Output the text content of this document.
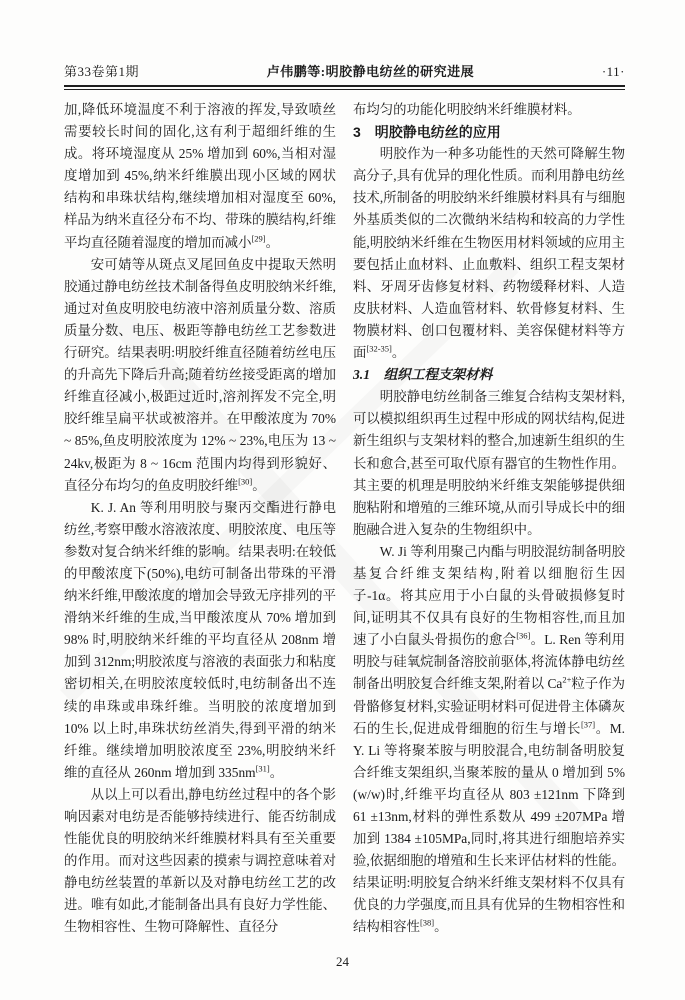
第33卷第1期	卢伟鹏等:明胶静电纺丝的研究进展	·11·

加,降低环境温度不利于溶液的挥发,导致喷丝需要较长时间的固化,这有利于超细纤维的生成。将环境湿度从 25% 增加到 60%,当相对湿度增加到 45%,纳米纤维膜出现小区域的网状结构和串珠状结构,继续增加相对湿度至 60%,样品为纳米直径分布不均、带珠的膜结构,纤维平均直径随着湿度的增加而减小[29]。

安可婧等从斑点叉尾回鱼皮中提取天然明胶通过静电纺丝技术制备得鱼皮明胶纳米纤维,通过对鱼皮明胶电纺液中溶剂质量分数、溶质质量分数、电压、极距等静电纺丝工艺参数进行研究。结果表明:明胶纤维直径随着纺丝电压的升高先下降后升高;随着纺丝接受距离的增加纤维直径减小,极距过近时,溶剂挥发不完全,明胶纤维呈扁平状或被溶并。在甲酸浓度为 70% ~ 85%,鱼皮明胶浓度为 12% ~ 23%,电压为 13 ~ 24kv,极距为 8 ~ 16cm 范围内均得到形貌好、直径分布均匀的鱼皮明胶纤维[30]。

K. J. An 等利用明胶与聚丙交酯进行静电纺丝,考察甲酸水溶液浓度、明胶浓度、电压等参数对复合纳米纤维的影响。结果表明:在较低的甲酸浓度下(50%),电纺可制备出带珠的平滑纳米纤维,甲酸浓度的增加会导致无序排列的平滑纳米纤维的生成,当甲酸浓度从 70% 增加到 98% 时,明胶纳米纤维的平均直径从 208nm 增加到 312nm;明胶浓度与溶液的表面张力和粘度密切相关,在明胶浓度较低时,电纺制备出不连续的串珠或串珠纤维。当明胶的浓度增加到 10% 以上时,串珠状纺丝消失,得到平滑的纳米纤维。继续增加明胶浓度至 23%,明胶纳米纤维的直径从 260nm 增加到 335nm[31]。

从以上可以看出,静电纺丝过程中的各个影响因素对电纺是否能够持续进行、能否纺制成性能优良的明胶纳米纤维膜材料具有至关重要的作用。而对这些因素的摸索与调控意味着对静电纺丝装置的革新以及对静电纺丝工艺的改进。唯有如此,才能制备出具有良好力学性能、生物相容性、生物可降解性、直径分

布均匀的功能化明胶纳米纤维膜材料。

3　明胶静电纺丝的应用

明胶作为一种多功能性的天然可降解生物高分子,具有优异的理化性质。而利用静电纺丝技术,所制备的明胶纳米纤维膜材料具有与细胞外基质类似的二次微纳米结构和较高的力学性能,明胶纳米纤维在生物医用材料领域的应用主要包括止血材料、止血敷料、组织工程支架材料、牙周牙齿修复材料、药物缓释材料、人造皮肤材料、人造血管材料、软骨修复材料、生物膜材料、创口包覆材料、美容保健材料等方面[32-35]。

3.1　组织工程支架材料

明胶静电纺丝制备三维复合结构支架材料,可以模拟组织再生过程中形成的网状结构,促进新生组织与支架材料的整合,加速新生组织的生长和愈合,甚至可取代原有器官的生物性作用。其主要的机理是明胶纳米纤维支架能够提供细胞粘附和增殖的三维环境,从而引导成长中的细胞融合进入复杂的生物组织中。

W. Ji 等利用聚己内酯与明胶混纺制备明胶基复合纤维支架结构,附着以细胞衍生因子-1α。将其应用于小白鼠的头骨破损修复时间,证明其不仅具有良好的生物相容性,而且加速了小白鼠头骨损伤的愈合[36]。L. Ren 等利用明胶与硅氧烷制备溶胶前驱体,将流体静电纺丝制备出明胶复合纤维支架,附着以 Ca$^{2+}$粒子作为骨骼修复材料,实验证明材料可促进骨主体磷灰石的生长,促进成骨细胞的衍生与增长[37]。M. Y. Li 等将聚苯胺与明胶混合,电纺制备明胶复合纤维支架组织,当聚苯胺的量从 0 增加到 5% (w/w)时,纤维平均直径从 803 ±121nm 下降到 61 ±13nm,材料的弹性系数从 499 ±207MPa 增加到 1384 ±105MPa,同时,将其进行细胞培养实验,依据细胞的增殖和生长来评估材料的性能。结果证明:明胶复合纳米纤维支架材料不仅具有优良的力学强度,而且具有优异的生物相容性和结构相容性[38]。

24
